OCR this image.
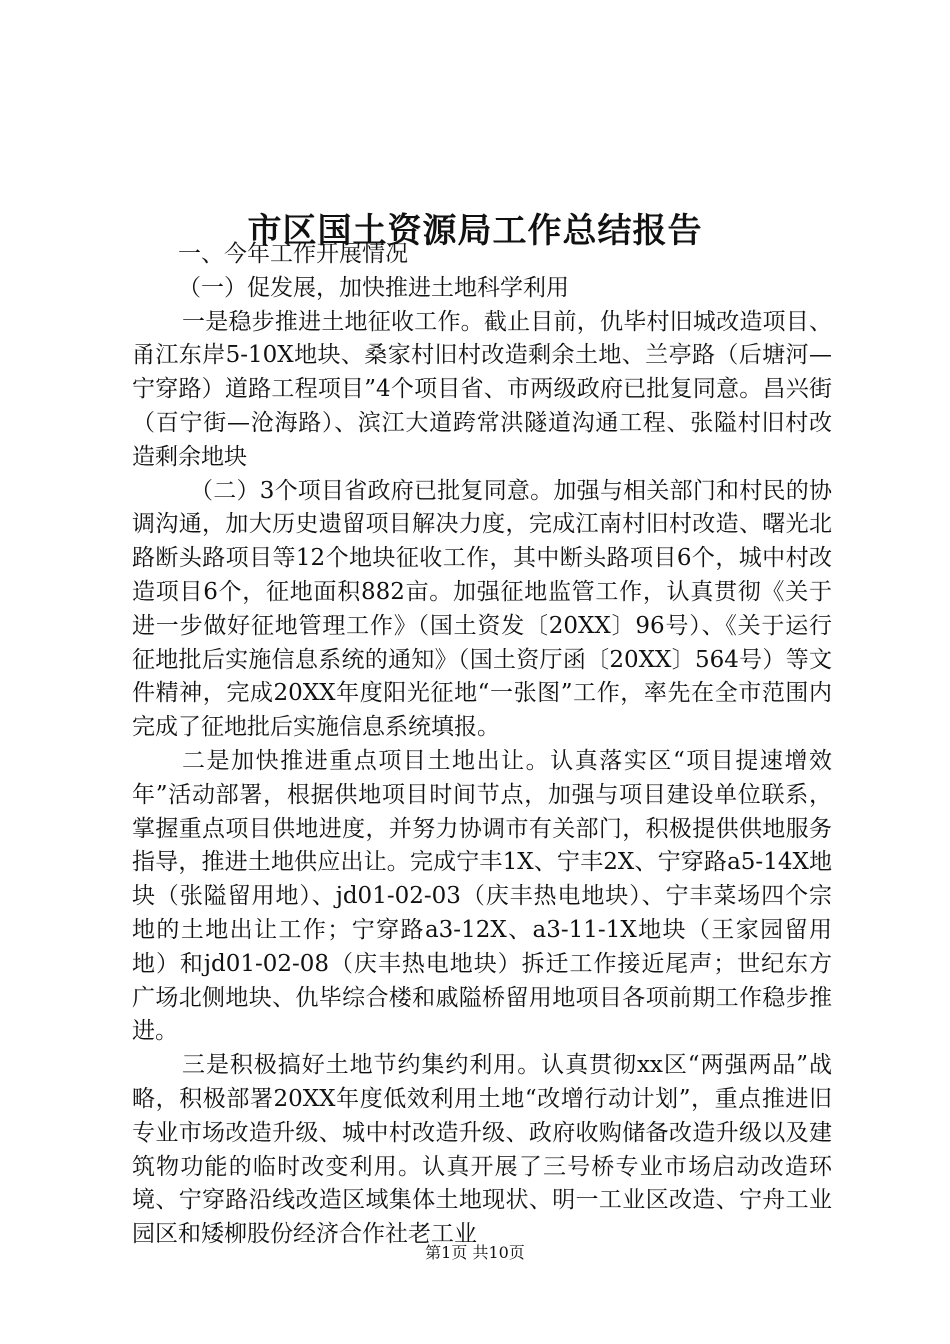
市区国土资源局工作总结报告

一、今年工作开展情况

（一）促发展，加快推进土地科学利用

一是稳步推进土地征收工作。截止目前，仇毕村旧城改造项目、甬江东岸5-10X地块、桑家村旧村改造剩余土地、兰亭路（后塘河—宁穿路）道路工程项目”4个项目省、市两级政府已批复同意。昌兴街（百宁街—沧海路）、滨江大道跨常洪隧道沟通工程、张隘村旧村改造剩余地块

（二）3个项目省政府已批复同意。加强与相关部门和村民的协调沟通，加大历史遗留项目解决力度，完成江南村旧村改造、曙光北路断头路项目等12个地块征收工作，其中断头路项目6个，城中村改造项目6个，征地面积882亩。加强征地监管工作，认真贯彻《关于进一步做好征地管理工作》（国土资发〔20XX〕96号）、《关于运行征地批后实施信息系统的通知》（国土资厅函〔20XX〕564号）等文件精神，完成20XX年度阳光征地“一张图”工作，率先在全市范围内完成了征地批后实施信息系统填报。

二是加快推进重点项目土地出让。认真落实区“项目提速增效年”活动部署，根据供地项目时间节点，加强与项目建设单位联系，掌握重点项目供地进度，并努力协调市有关部门，积极提供供地服务指导，推进土地供应出让。完成宁丰1X、宁丰2X、宁穿路a5-14X地块（张隘留用地）、jd01-02-03（庆丰热电地块）、宁丰菜场四个宗地的土地出让工作；宁穿路a3-12X、a3-11-1X地块（王家园留用地）和jd01-02-08（庆丰热电地块）拆迁工作接近尾声；世纪东方广场北侧地块、仇毕综合楼和戚隘桥留用地项目各项前期工作稳步推进。

三是积极搞好土地节约集约利用。认真贯彻xx区“两强两品”战略，积极部署20XX年度低效利用土地“改增行动计划”，重点推进旧专业市场改造升级、城中村改造升级、政府收购储备改造升级以及建筑物功能的临时改变利用。认真开展了三号桥专业市场启动改造环境、宁穿路沿线改造区域集体土地现状、明一工业区改造、宁舟工业园区和矮柳股份经济合作社老工业

第1页 共10页
